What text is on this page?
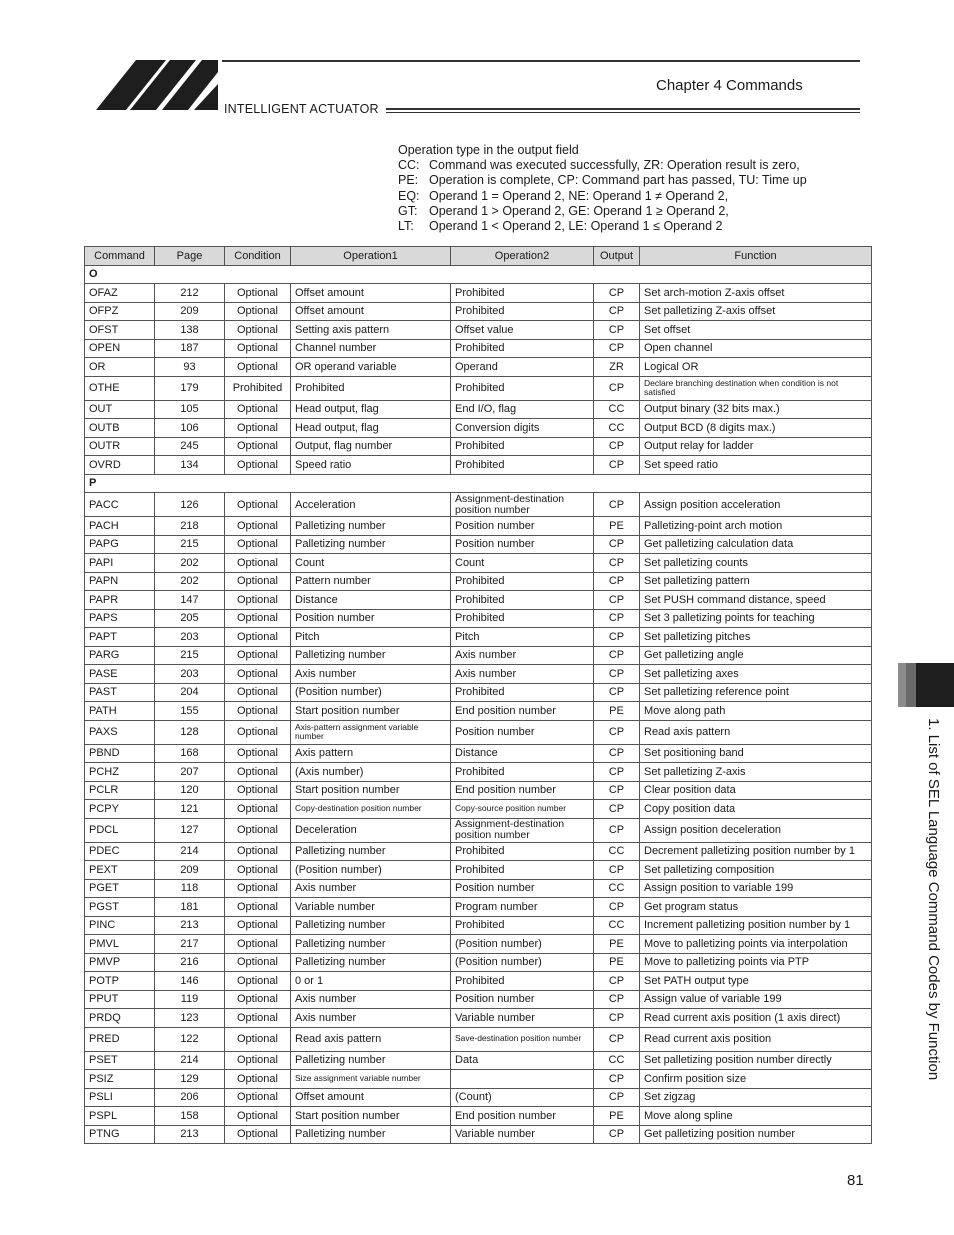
INTELLIGENT ACTUATOR
Chapter 4 Commands
Operation type in the output field
CC: Command was executed successfully, ZR: Operation result is zero,
PE: Operation is complete, CP: Command part has passed, TU: Time up
EQ: Operand 1 = Operand 2, NE: Operand 1 ≠ Operand 2,
GT: Operand 1 > Operand 2, GE: Operand 1 ≥ Operand 2,
LT: Operand 1 < Operand 2, LE: Operand 1 ≤ Operand 2
Command	Page	Condition	Operation1	Operation2	Output	Function
O						
OFAZ	212	Optional	Offset amount	Prohibited	CP	Set arch-motion Z-axis offset
OFPZ	209	Optional	Offset amount	Prohibited	CP	Set palletizing Z-axis offset
OFST	138	Optional	Setting axis pattern	Offset value	CP	Set offset
OPEN	187	Optional	Channel number	Prohibited	CP	Open channel
OR	93	Optional	OR operand variable	Operand	ZR	Logical OR
OTHE	179	Prohibited	Prohibited	Prohibited	CP	Declare branching destination when condition is not satisfied

OUT	105	Optional	Head output, flag	End I/O, flag	CC	Output binary (32 bits max.)
OUTB	106	Optional	Head output, flag	Conversion digits	CC	Output BCD (8 digits max.)
OUTR	245	Optional	Output, flag number	Prohibited	CP	Output relay for ladder
OVRD	134	Optional	Speed ratio	Prohibited	CP	Set speed ratio
P						
PACC	126	Optional	Acceleration	Assignment-destination position number	CP	Assign position acceleration
PACH	218	Optional	Palletizing number	Position number	PE	Palletizing-point arch motion
PAPG	215	Optional	Palletizing number	Position number	CP	Get palletizing calculation data
PAPI	202	Optional	Count	Count	CP	Set palletizing counts
PAPN	202	Optional	Pattern number	Prohibited	CP	Set palletizing pattern
PAPR	147	Optional	Distance	Prohibited	CP	Set PUSH command distance, speed
PAPS	205	Optional	Position number	Prohibited	CP	Set 3 palletizing points for teaching
PAPT	203	Optional	Pitch	Pitch	CP	Set palletizing pitches
PARG	215	Optional	Palletizing number	Axis number	CP	Get palletizing angle
PASE	203	Optional	Axis number	Axis number	CP	Set palletizing axes
PAST	204	Optional	(Position number)	Prohibited	CP	Set palletizing reference point
PATH	155	Optional	Start position number	End position number	PE	Move along path
PAXS	128	Optional	Axis-pattern assignment variable number	Position number	CP	Read axis pattern
PBND	168	Optional	Axis pattern	Distance	CP	Set positioning band
PCHZ	207	Optional	(Axis number)	Prohibited	CP	Set palletizing Z-axis
PCLR	120	Optional	Start position number	End position number	CP	Clear position data
PCPY	121	Optional	Copy-destination position number	Copy-source position number	CP	Copy position data
PDCL	127	Optional	Deceleration	Assignment-destination position number	CP	Assign position deceleration
PDEC	214	Optional	Palletizing number	Prohibited	CC	Decrement palletizing position number by 1
PEXT	209	Optional	(Position number)	Prohibited	CP	Set palletizing composition
PGET	118	Optional	Axis number	Position number	CC	Assign position to variable 199
PGST	181	Optional	Variable number	Program number	CP	Get program status
PINC	213	Optional	Palletizing number	Prohibited	CC	Increment palletizing position number by 1
PMVL	217	Optional	Palletizing number	(Position number)	PE	Move to palletizing points via interpolation
PMVP	216	Optional	Palletizing number	(Position number)	PE	Move to palletizing points via PTP
POTP	146	Optional	0 or 1	Prohibited	CP	Set PATH output type
PPUT	119	Optional	Axis number	Position number	CP	Assign value of variable 199
PRDQ	123	Optional	Axis number	Variable number	CP	Read current axis position (1 axis direct)
PRED	122	Optional	Read axis pattern	Save-destination position number	CP	Read current axis position
PSET	214	Optional	Palletizing number	Data	CC	Set palletizing position number directly
PSIZ	129	Optional	Size assignment variable number		CP	Confirm position size
PSLI	206	Optional	Offset amount	(Count)	CP	Set zigzag
PSPL	158	Optional	Start position number	End position number	PE	Move along spline
PTNG	213	Optional	Palletizing number	Variable number	CP	Get palletizing position number
1. List of SEL Language Command Codes by Function
81
